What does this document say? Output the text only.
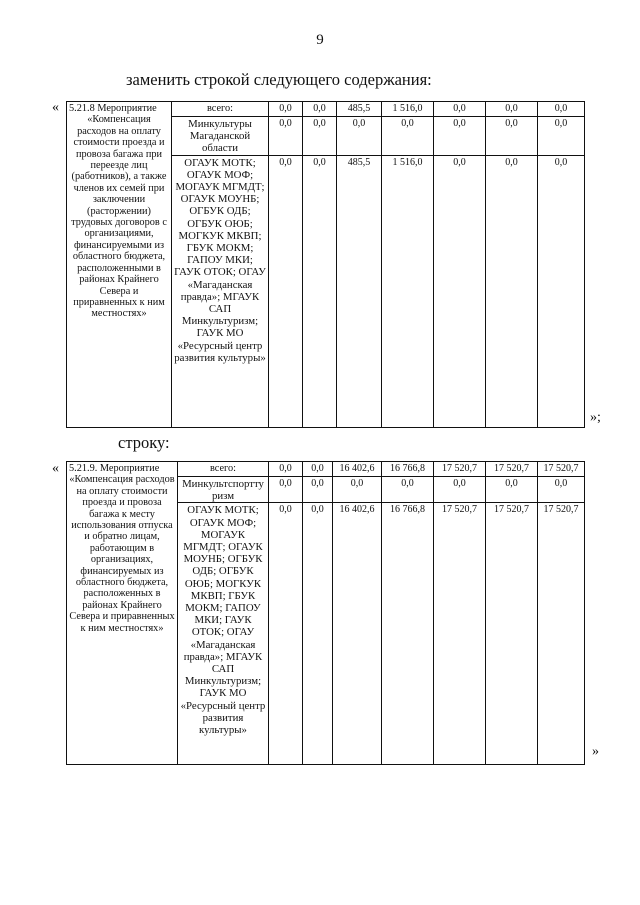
9
заменить строкой следующего содержания:
« 5.21.8 Мероприятие
«Компенсация расходов на оплату стоимости проезда и провоза багажа при переезде лиц (работников), а также членов их семей при заключении (расторжении) трудовых договоров с организациями, финансируемыми из областного бюджета, расположенными в районах Крайнего Севера и приравненных к ним местностях»	всего:	0,0	0,0	485,5	1 516,0	0,0	0,0	0,0
	Минкультуры Магаданской области	0,0	0,0	0,0	0,0	0,0	0,0	0,0
	ОГАУК МОТК; ОГАУК МОФ; МОГАУК МГМДТ; ОГАУК МОУНБ; ОГБУК ОДБ; ОГБУК ОЮБ; МОГКУК МКВП; ГБУК МОКМ; ГАПОУ МКИ; ГАУК ОТОК; ОГАУ «Магаданская правда»; МГАУК САП Минкультуризм; ГАУК МО «Ресурсный центр развития культуры»	0,0	0,0	485,5	1 516,0	0,0	0,0	0,0
»;
строку:
« 5.21.9. Мероприятие
«Компенсация расходов на оплату стоимости проезда и провоза багажа к месту использования отпуска и обратно лицам, работающим в организациях, финансируемых из областного бюджета, расположенных в районах Крайнего Севера и приравненных к ним местностях»	всего:	0,0	0,0	16 402,6	16 766,8	17 520,7	17 520,7	17 520,7
	Минкультспортту ризм	0,0	0,0	0,0	0,0	0,0	0,0	0,0
	ОГАУК МОТК; ОГАУК МОФ; МОГАУК МГМДТ; ОГАУК МОУНБ; ОГБУК ОДБ; ОГБУК ОЮБ; МОГКУК МКВП; ГБУК МОКМ; ГАПОУ МКИ; ГАУК ОТОК; ОГАУ «Магаданская правда»; МГАУК САП Минкультуризм; ГАУК МО «Ресурсный центр развития культуры»	0,0	0,0	16 402,6	16 766,8	17 520,7	17 520,7	17 520,7
»
